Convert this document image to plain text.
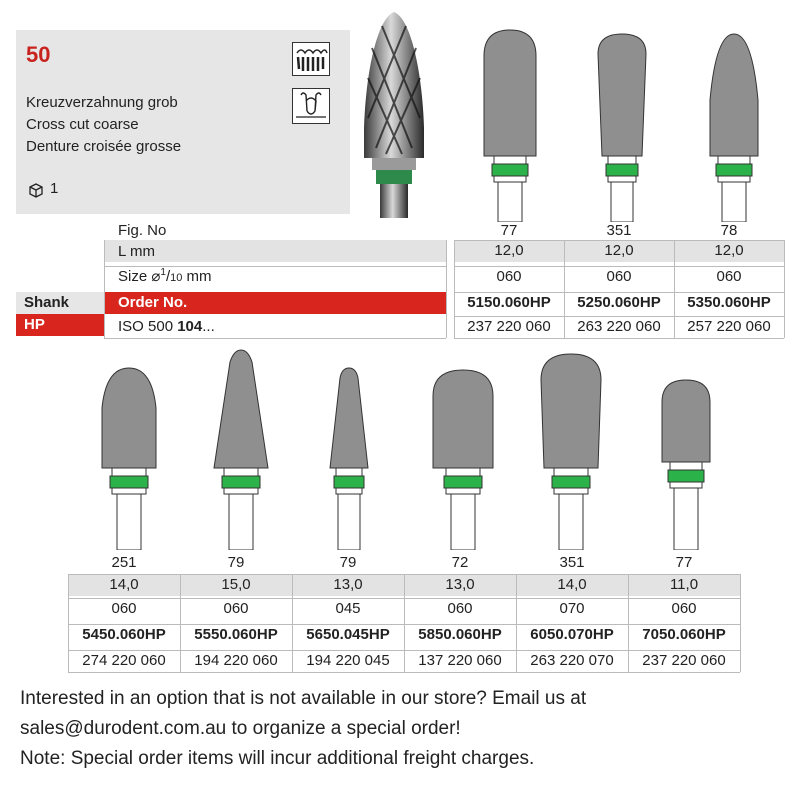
50
Kreuzverzahnung grob
Cross cut coarse
Denture croisée grosse
1
Fig. No
L mm
Size ⌀$^1$/10 mm
Shank
HP
Order No.
ISO 500 104...
77
12,0
060
5150.060HP
237 220 060
351
12,0
060
5250.060HP
263 220 060
78
12,0
060
5350.060HP
257 220 060
251
14,0
060
5450.060HP
274 220 060
79
15,0
060
5550.060HP
194 220 060
79
13,0
045
5650.045HP
194 220 045
72
13,0
060
5850.060HP
137 220 060
351
14,0
070
6050.070HP
263 220 070
77
11,0
060
7050.060HP
237 220 060
Interested in an option that is not available in our store? Email us at
sales@durodent.com.au to organize a special order!
Note: Special order items will incur additional freight charges.
